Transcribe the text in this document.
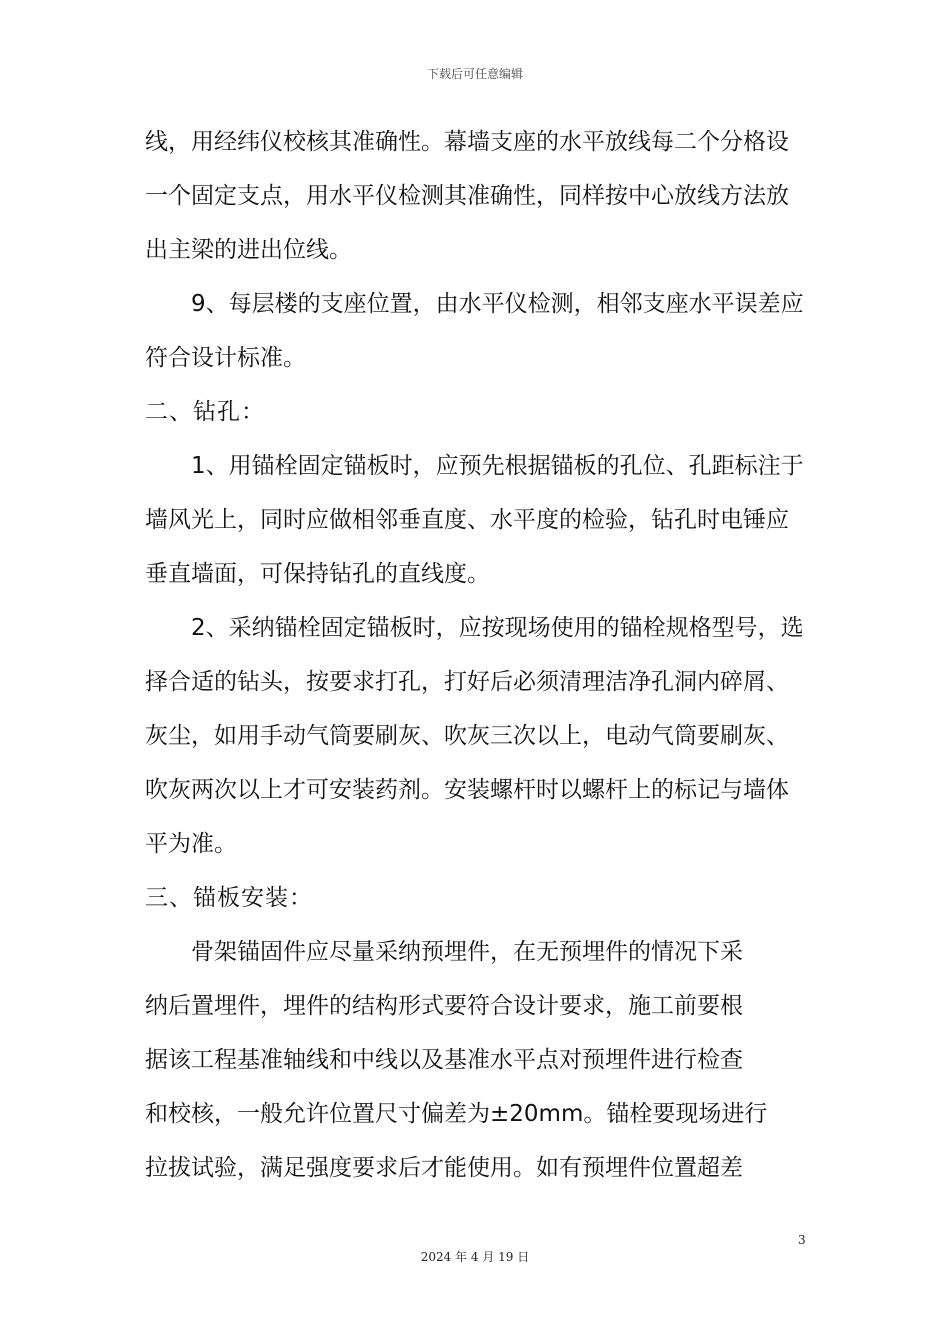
下载后可任意编辑
线，用经纬仪校核其准确性。幕墙支座的水平放线每二个分格设
一个固定支点，用水平仪检测其准确性，同样按中心放线方法放
出主梁的进出位线。
9、每层楼的支座位置，由水平仪检测，相邻支座水平误差应
符合设计标准。
二、钻孔：
1、用锚栓固定锚板时，应预先根据锚板的孔位、孔距标注于
墙风光上，同时应做相邻垂直度、水平度的检验，钻孔时电锤应
垂直墙面，可保持钻孔的直线度。
2、采纳锚栓固定锚板时，应按现场使用的锚栓规格型号，选
择合适的钻头，按要求打孔，打好后必须清理洁净孔洞内碎屑、
灰尘，如用手动气筒要刷灰、吹灰三次以上，电动气筒要刷灰、
吹灰两次以上才可安装药剂。安装螺杆时以螺杆上的标记与墙体
平为准。
三、锚板安装：
骨架锚固件应尽量采纳预埋件，在无预埋件的情况下采
纳后置埋件，埋件的结构形式要符合设计要求，施工前要根
据该工程基准轴线和中线以及基准水平点对预埋件进行检查
和校核，一般允许位置尺寸偏差为±20mm。锚栓要现场进行
拉拔试验，满足强度要求后才能使用。如有预埋件位置超差
3
2024 年 4 月 19 日
